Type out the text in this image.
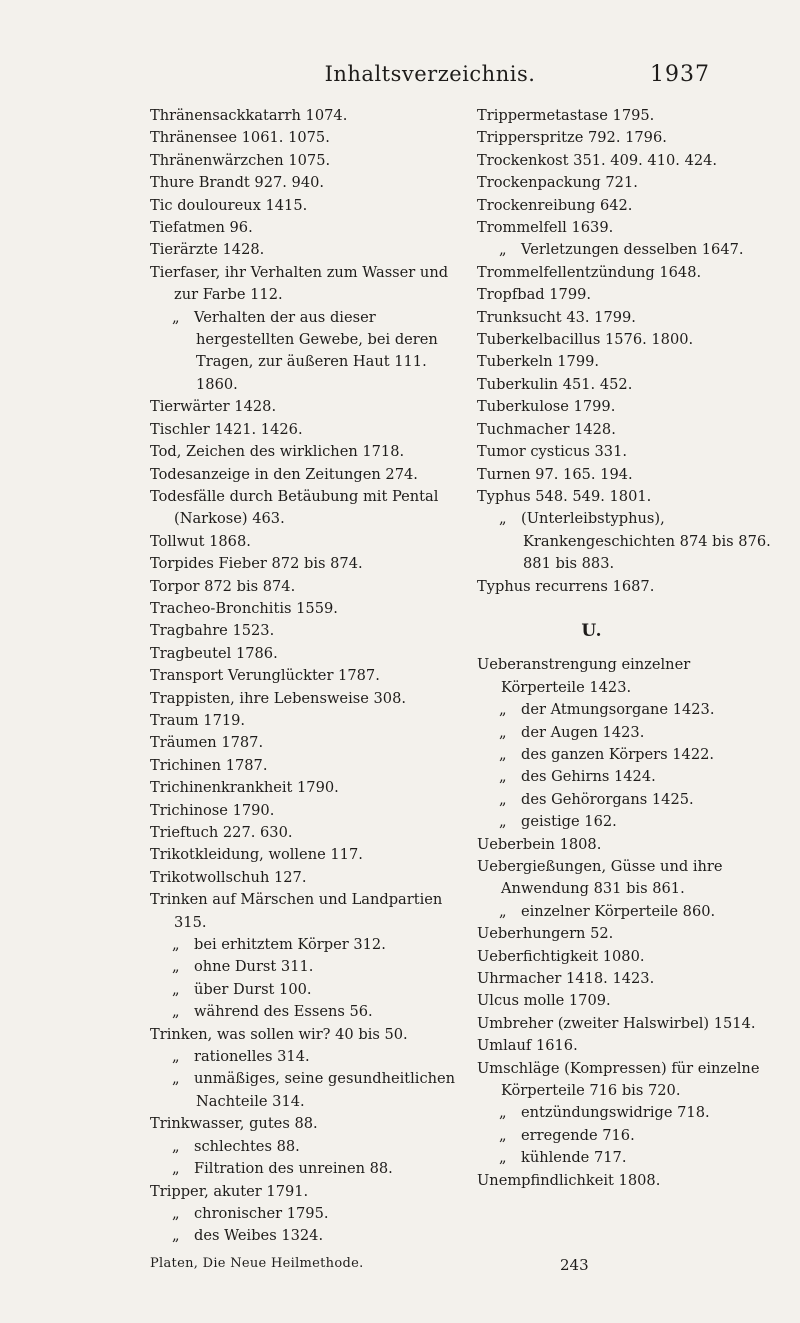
Inhaltsverzeichnis.	1937
Thränensackkatarrh 1074.
Thränensee 1061. 1075.
Thränenwärzchen 1075.
Thure Brandt 927. 940.
Tic douloureux 1415.
Tiefatmen 96.
Tierärzte 1428.
Tierfaser, ihr Verhalten zum Wasser und zur Farbe 112.
„ Verhalten der aus dieser hergestellten Gewebe, bei deren Tragen, zur äußeren Haut 111. 1860.
Tierwärter 1428.
Tischler 1421. 1426.
Tod, Zeichen des wirklichen 1718.
Todesanzeige in den Zeitungen 274.
Todesfälle durch Betäubung mit Pental (Narkose) 463.
Tollwut 1868.
Torpides Fieber 872 bis 874.
Torpor 872 bis 874.
Tracheo-Bronchitis 1559.
Tragbahre 1523.
Tragbeutel 1786.
Transport Verunglückter 1787.
Trappisten, ihre Lebensweise 308.
Traum 1719.
Träumen 1787.
Trichinen 1787.
Trichinenkrankheit 1790.
Trichinose 1790.
Trieftuch 227. 630.
Trikotkleidung, wollene 117.
Trikotwollschuh 127.
Trinken auf Märschen und Landpartien 315.
„ bei erhitztem Körper 312.
„ ohne Durst 311.
„ über Durst 100.
„ während des Essens 56.
Trinken, was sollen wir? 40 bis 50.
„ rationelles 314.
„ unmäßiges, seine gesundheitlichen Nachteile 314.
Trinkwasser, gutes 88.
„ schlechtes 88.
„ Filtration des unreinen 88.
Tripper, akuter 1791.
„ chronischer 1795.
„ des Weibes 1324.
Trippermetastase 1795.
Tripperspritze 792. 1796.
Trockenkost 351. 409. 410. 424.
Trockenpackung 721.
Trockenreibung 642.
Trommelfell 1639.
„ Verletzungen desselben 1647.
Trommelfellentzündung 1648.
Tropfbad 1799.
Trunksucht 43. 1799.
Tuberkelbacillus 1576. 1800.
Tuberkeln 1799.
Tuberkulin 451. 452.
Tuberkulose 1799.
Tuchmacher 1428.
Tumor cysticus 331.
Turnen 97. 165. 194.
Typhus 548. 549. 1801.
„ (Unterleibstyphus), Krankengeschichten 874 bis 876. 881 bis 883.
Typhus recurrens 1687.
U.
Ueberanstrengung einzelner Körperteile 1423.
„ der Atmungsorgane 1423.
„ der Augen 1423.
„ des ganzen Körpers 1422.
„ des Gehirns 1424.
„ des Gehörorgans 1425.
„ geistige 162.
Ueberbein 1808.
Uebergießungen, Güsse und ihre Anwendung 831 bis 861.
„ einzelner Körperteile 860.
Ueberhungern 52.
Ueberfichtigkeit 1080.
Uhrmacher 1418. 1423.
Ulcus molle 1709.
Umbreher (zweiter Halswirbel) 1514.
Umlauf 1616.
Umschläge (Kompressen) für einzelne Körperteile 716 bis 720.
„ entzündungswidrige 718.
„ erregende 716.
„ kühlende 717.
Unempfindlichkeit 1808.
Platen, Die Neue Heilmethode.	243
